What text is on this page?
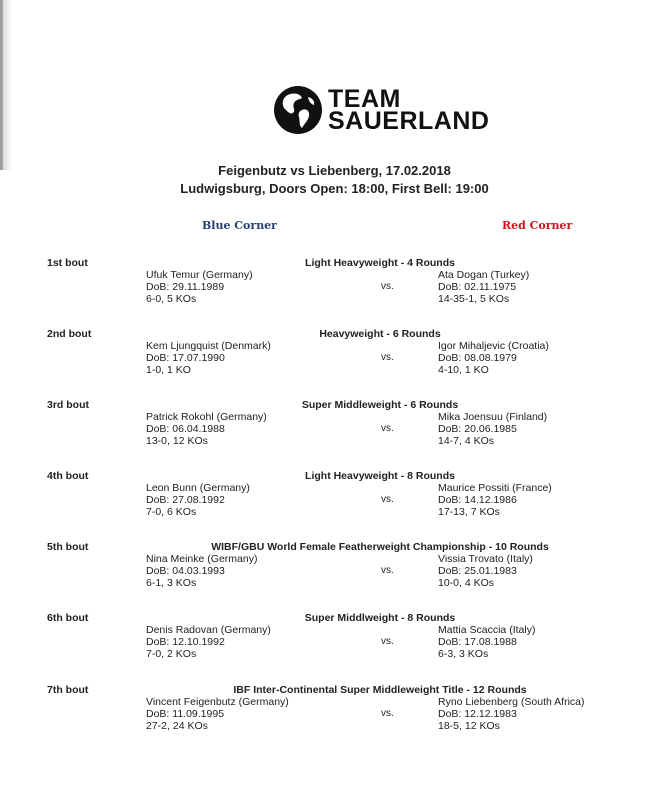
TEAM
SAUERLAND
Feigenbutz vs Liebenberg, 17.02.2018
Ludwigsburg, Doors Open: 18:00, First Bell: 19:00
Blue Corner	Red Corner
1st bout	Light Heavyweight - 4 Rounds
Ufuk Temur (Germany)
DoB: 29.11.1989
6-0, 5 KOs
vs.
Ata Dogan (Turkey)
DoB: 02.11.1975
14-35-1, 5 KOs
2nd bout	Heavyweight - 6 Rounds
Kem Ljungquist (Denmark)
DoB: 17.07.1990
1-0, 1 KO
vs.
Igor Mihaljevic (Croatia)
DoB: 08.08.1979
4-10, 1 KO
3rd bout	Super Middleweight - 6 Rounds
Patrick Rokohl (Germany)
DoB: 06.04.1988
13-0, 12 KOs
vs.
Mika Joensuu (Finland)
DoB: 20.06.1985
14-7, 4 KOs
4th bout	Light Heavyweight - 8 Rounds
Leon Bunn (Germany)
DoB: 27.08.1992
7-0, 6 KOs
vs.
Maurice Possiti (France)
DoB: 14.12.1986
17-13, 7 KOs
5th bout	WIBF/GBU World Female Featherweight Championship - 10 Rounds
Nina Meinke (Germany)
DoB: 04.03.1993
6-1, 3 KOs
vs.
Vissia Trovato (Italy)
DoB: 25.01.1983
10-0, 4 KOs
6th bout	Super Middlweight - 8 Rounds
Denis Radovan (Germany)
DoB: 12.10.1992
7-0, 2 KOs
vs.
Mattia Scaccia (Italy)
DoB: 17.08.1988
6-3, 3 KOs
7th bout	IBF Inter-Continental Super Middleweight Title - 12 Rounds
Vincent Feigenbutz (Germany)
DoB: 11.09.1995
27-2, 24 KOs
vs.
Ryno Liebenberg (South Africa)
DoB: 12.12.1983
18-5, 12 KOs
